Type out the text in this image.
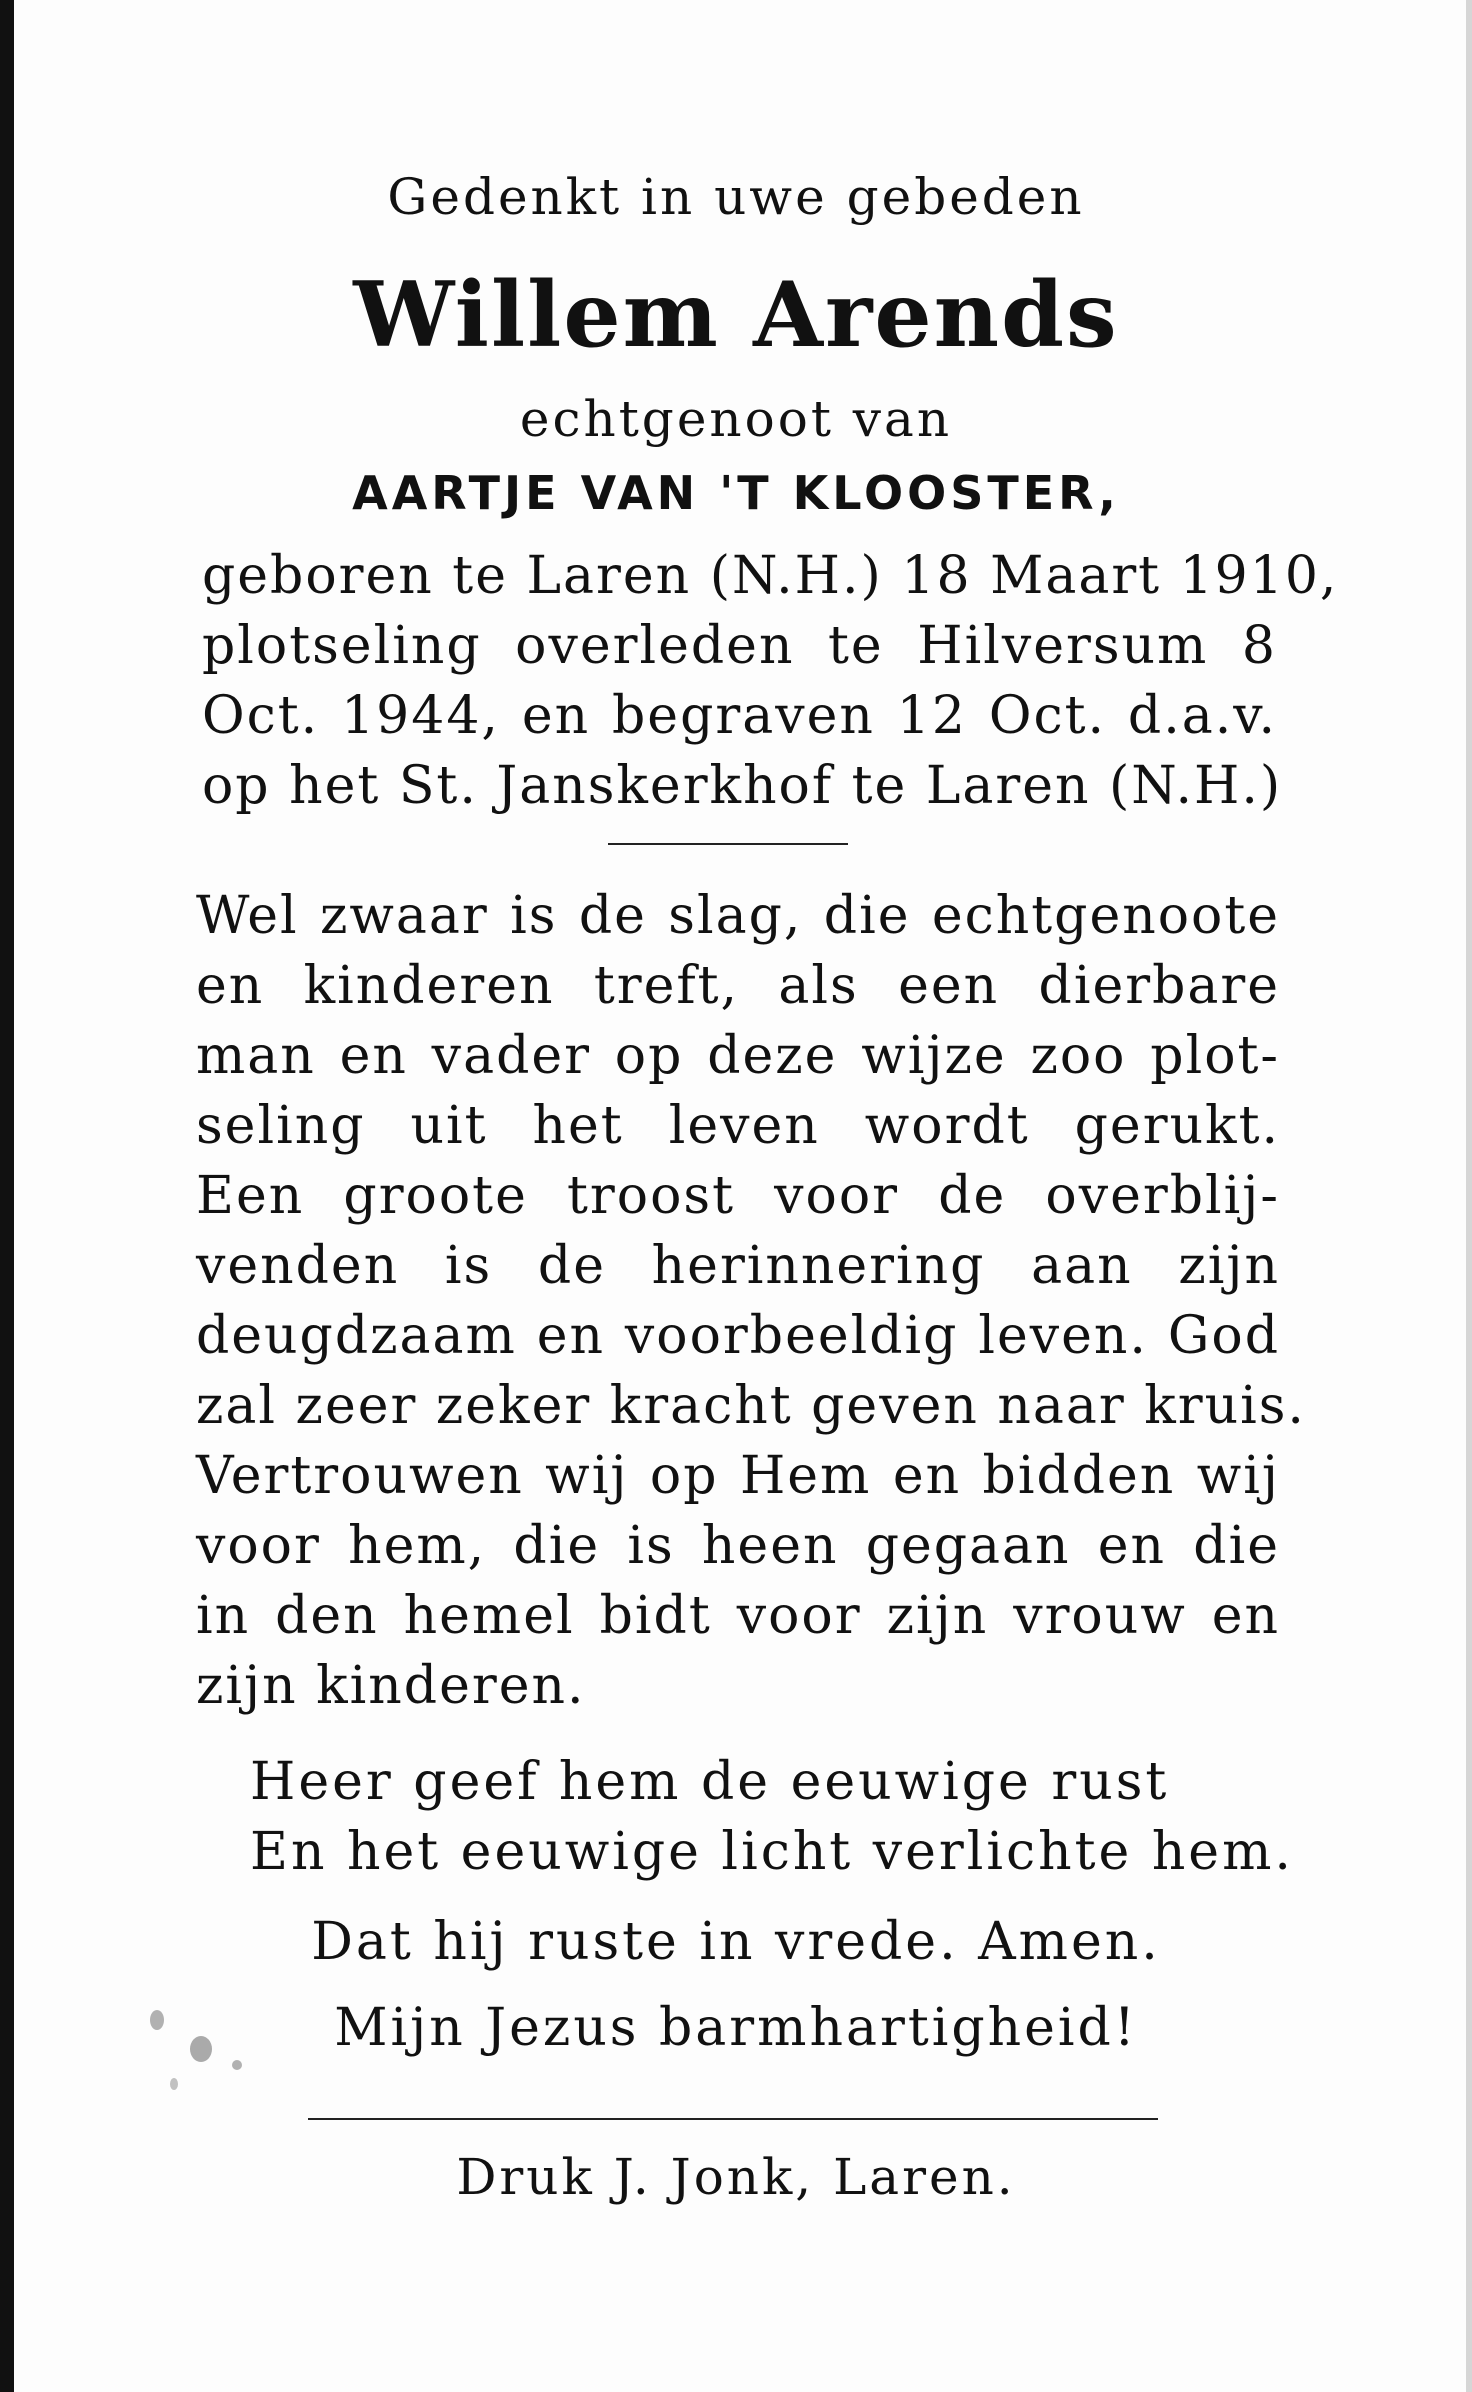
Gedenkt in uwe gebeden
Willem Arends
echtgenoot van
AARTJE VAN 'T KLOOSTER,
geboren te Laren (N.H.) 18 Maart 1910,
plotseling overleden te Hilversum 8
Oct. 1944, en begraven 12 Oct. d.a.v.
op het St. Janskerkhof te Laren (N.H.)
Wel zwaar is de slag, die echtgenoote
en kinderen treft, als een dierbare
man en vader op deze wijze zoo plot-
seling uit het leven wordt gerukt.
Een groote troost voor de overblij-
venden is de herinnering aan zijn
deugdzaam en voorbeeldig leven. God
zal zeer zeker kracht geven naar kruis.
Vertrouwen wij op Hem en bidden wij
voor hem, die is heen gegaan en die
in den hemel bidt voor zijn vrouw en
zijn kinderen.
Heer geef hem de eeuwige rust
En het eeuwige licht verlichte hem.
Dat hij ruste in vrede. Amen.
Mijn Jezus barmhartigheid!
Druk J. Jonk, Laren.
